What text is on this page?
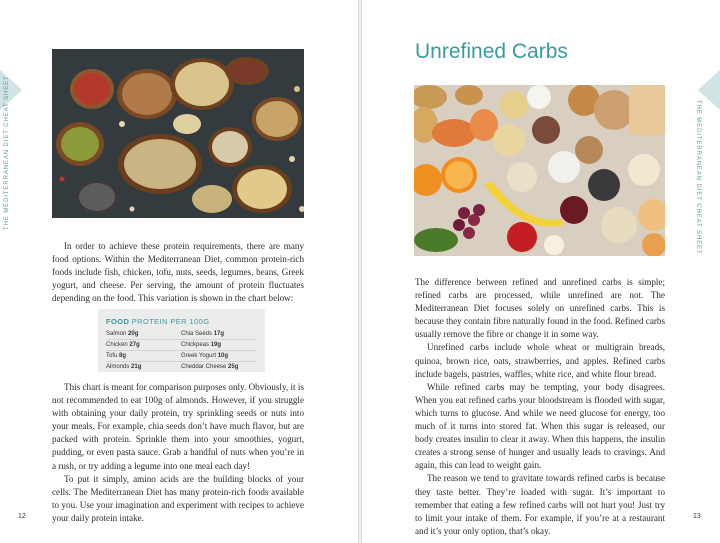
THE MEDITERRANEAN DIET CHEAT SHEET	THE MEDITERRANEAN DIET CHEAT SHEET

In order to achieve these protein requirements, there are many food options. Within the Mediterranean Diet, common protein-rich foods include fish, chicken, tofu, nuts, seeds, legumes, beans, Greek yogurt, and cheese. Per serving, the amount of protein fluctuates depending on the food. This variation is shown in the chart below:

FOOD PROTEIN PER 100G
Salmon 20g	Chia Seeds 17g
Chicken 27g	Chickpeas 19g
Tofu 8g	Greek Yogurt 10g
Almonds 21g	Cheddar Cheese 25g

This chart is meant for comparison purposes only. Obviously, it is not recommended to eat 100g of almonds. However, if you struggle with obtaining your daily protein, try sprinkling seeds or nuts into your meals. For example, chia seeds don’t have much flavor, but are packed with protein. Sprinkle them into your smoothies, yogurt, pudding, or even pasta sauce. Grab a handful of nuts when you’re in a rush, or try adding a legume into one meal each day!

To put it simply, amino acids are the building blocks of your cells. The Mediterranean Diet has many protein-rich foods available to you. Use your imagination and experiment with recipes to achieve your daily protein intake.

12
Unrefined Carbs

The difference between refined and unrefined carbs is simple; refined carbs are processed, while unrefined are not. The Mediterranean Diet focuses solely on unrefined carbs. This is because they contain fibre naturally found in the food. Refined carbs usually remove the fibre or change it in some way.

Unrefined carbs include whole wheat or multigrain breads, quinoa, brown rice, oats, strawberries, and apples. Refined carbs include bagels, pastries, waffles, white rice, and white flour bread.

While refined carbs may be tempting, your body disagrees. When you eat refined carbs your bloodstream is flooded with sugar, which turns to glucose. And while we need glucose for energy, too much of it turns into stored fat. When this sugar is released, our body creates insulin to clear it away. When this happens, the insulin creates a strong sense of hunger and usually leads to cravings. And again, this can lead to weight gain.

The reason we tend to gravitate towards refined carbs is because they taste better. They’re loaded with sugar. It’s important to remember that eating a few refined carbs will not hurt you! Just try to limit your intake of them. For example, if you’re at a restaurant and it’s your only option, that’s okay.

13
